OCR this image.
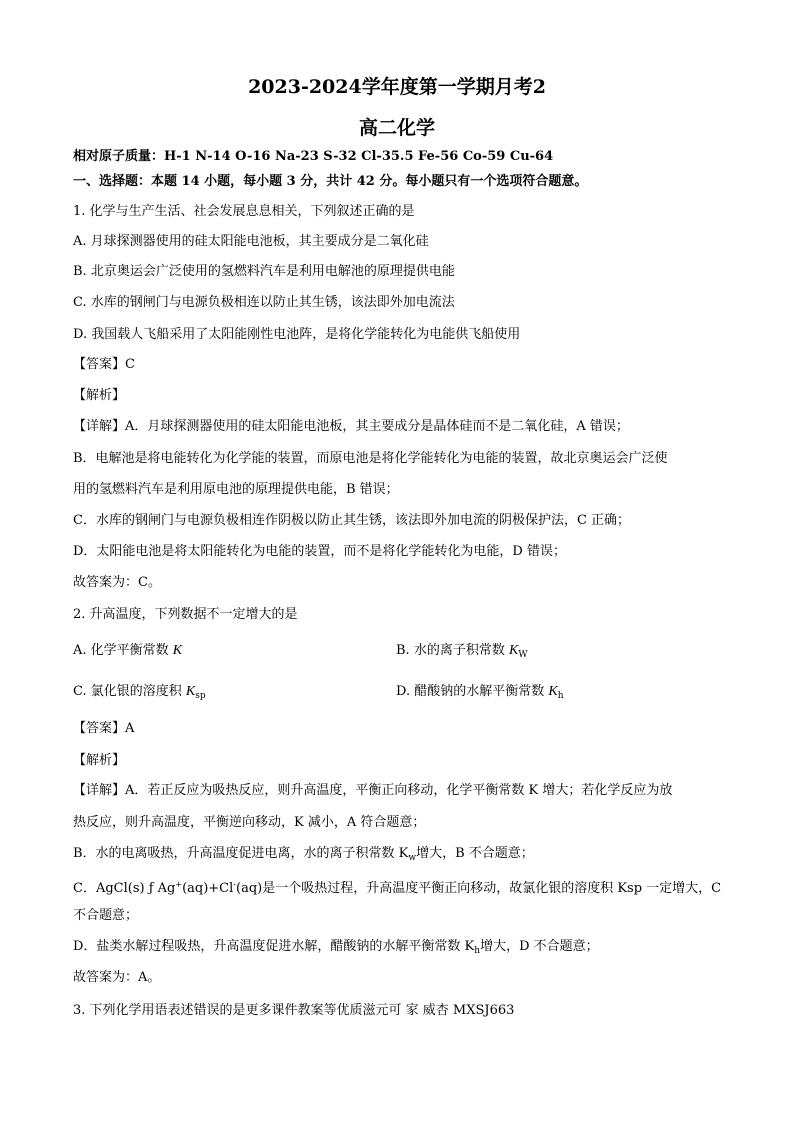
2023-2024学年度第一学期月考2
高二化学
相对原子质量：H-1 N-14 O-16 Na-23 S-32 Cl-35.5 Fe-56 Co-59 Cu-64
一、选择题：本题 14 小题，每小题 3 分，共计 42 分。每小题只有一个选项符合题意。
1. 化学与生产生活、社会发展息息相关，下列叙述正确的是
A. 月球探测器使用的硅太阳能电池板，其主要成分是二氧化硅
B. 北京奥运会广泛使用的氢燃料汽车是利用电解池的原理提供电能
C. 水库的钢闸门与电源负极相连以防止其生锈，该法即外加电流法
D. 我国载人飞船采用了太阳能刚性电池阵，是将化学能转化为电能供飞船使用
【答案】C
【解析】
【详解】A．月球探测器使用的硅太阳能电池板，其主要成分是晶体硅而不是二氧化硅，A 错误；
B．电解池是将电能转化为化学能的装置，而原电池是将化学能转化为电能的装置，故北京奥运会广泛使
用的氢燃料汽车是利用原电池的原理提供电能，B 错误；
C．水库的钢闸门与电源负极相连作阴极以防止其生锈，该法即外加电流的阴极保护法，C 正确；
D．太阳能电池是将太阳能转化为电能的装置，而不是将化学能转化为电能，D 错误；
故答案为：C。
2. 升高温度，下列数据不一定增大的是
A. 化学平衡常数 K	B. 水的离子积常数 $K_W$
C. 氯化银的溶度积 $K_{sp}$	D. 醋酸钠的水解平衡常数 $K_h$
【答案】A
【解析】
【详解】A．若正反应为吸热反应，则升高温度，平衡正向移动，化学平衡常数 K 增大；若化学反应为放
热反应，则升高温度，平衡逆向移动，K 减小，A 符合题意；
B．水的电离吸热，升高温度促进电离，水的离子积常数 $K_w$增大，B 不合题意；
C．AgCl(s) ƒ Ag+(aq)+Cl-(aq)是一个吸热过程，升高温度平衡正向移动，故氯化银的溶度积 Ksp 一定增大，C
不合题意；
D．盐类水解过程吸热，升高温度促进水解，醋酸钠的水解平衡常数 $K_h$增大，D 不合题意；
故答案为：A。
3. 下列化学用语表述错误的是更多课件教案等优质滋元可 家 威杏 MXSJ663
